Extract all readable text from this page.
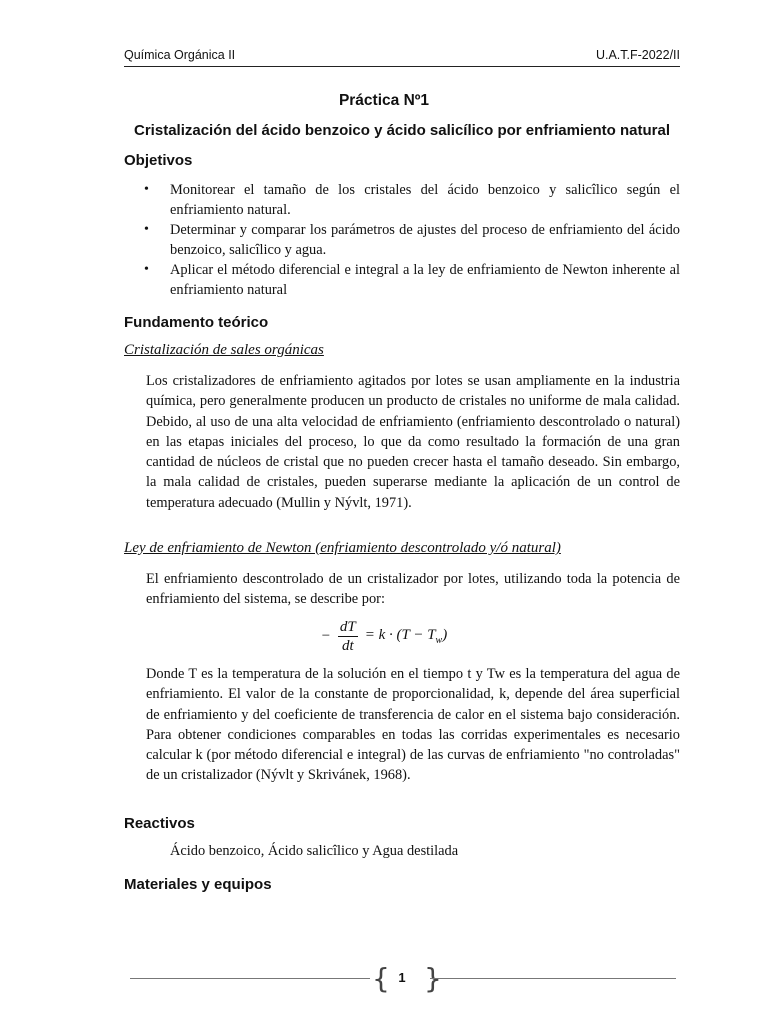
Química Orgánica II	U.A.T.F-2022/II
Práctica Nº1
Cristalización del ácido benzoico y ácido salicílico por enfriamiento natural
Objetivos
• Monitorear el tamaño de los cristales del ácido benzoico y salicîlico según el enfriamiento natural.
• Determinar y comparar los parámetros de ajustes del proceso de enfriamiento del ácido benzoico, salicîlico y agua.
• Aplicar el método diferencial e integral a la ley de enfriamiento de Newton inherente al enfriamiento natural
Fundamento teórico
Cristalización de sales orgánicas

Los cristalizadores de enfriamiento agitados por lotes se usan ampliamente en la industria química, pero generalmente producen un producto de cristales no uniforme de mala calidad. Debido, al uso de una alta velocidad de enfriamiento (enfriamiento descontrolado o natural) en las etapas iniciales del proceso, lo que da como resultado la formación de una gran cantidad de núcleos de cristal que no pueden crecer hasta el tamaño deseado. Sin embargo, la mala calidad de cristales, pueden superarse mediante la aplicación de un control de temperatura adecuado (Mullin y Nývlt, 1971).

Ley de enfriamiento de Newton (enfriamiento descontrolado y/ó natural)

El enfriamiento descontrolado de un cristalizador por lotes, utilizando toda la potencia de enfriamiento del sistema, se describe por:

− $\frac{dT}{dt} = k \cdot (T - T_w)$

Donde T es la temperatura de la solución en el tiempo t y Tw es la temperatura del agua de enfriamiento. El valor de la constante de proporcionalidad, k, depende del área superficial de enfriamiento y del coeficiente de transferencia de calor en el sistema bajo consideración. Para obtener condiciones comparables en todas las corridas experimentales es necesario calcular k (por método diferencial e integral) de las curvas de enfriamiento "no controladas" de un cristalizador (Nývlt y Skrivánek, 1968).

Reactivos
Ácido benzoico, Ácido salicîlico y Agua destilada
Materiales y equipos
{ 1 }
